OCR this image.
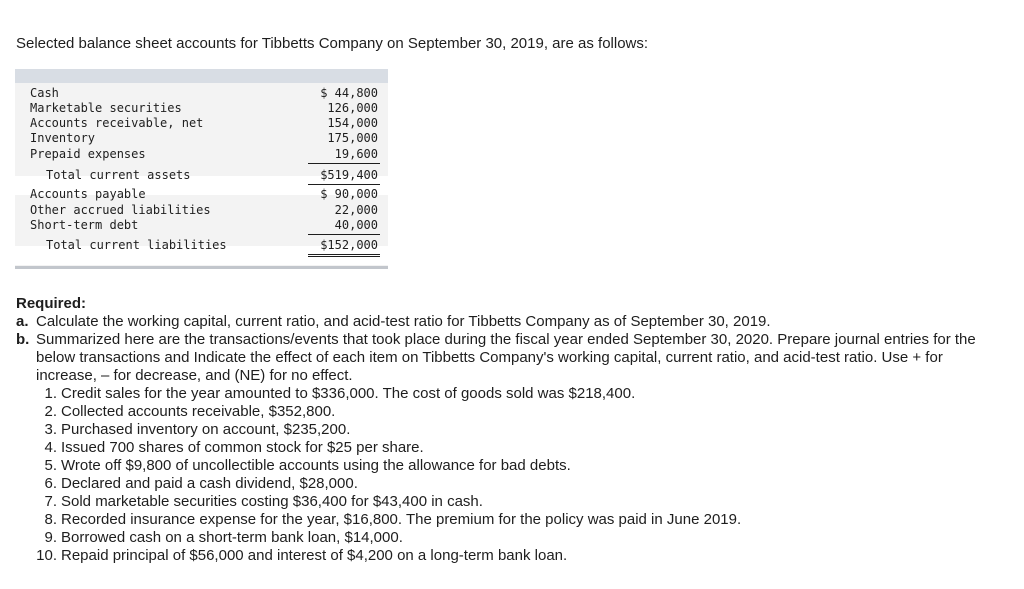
Selected balance sheet accounts for Tibbetts Company on September 30, 2019, are as follows:
Cash	$ 44,800
Marketable securities	126,000
Accounts receivable, net	154,000
Inventory	175,000
Prepaid expenses	19,600
Total current assets	$519,400
Accounts payable	$ 90,000
Other accrued liabilities	22,000
Short-term debt	40,000
Total current liabilities	$152,000
Required:
a. Calculate the working capital, current ratio, and acid-test ratio for Tibbetts Company as of September 30, 2019.
b. Summarized here are the transactions/events that took place during the fiscal year ended September 30, 2020. Prepare journal entries for the below transactions and Indicate the effect of each item on Tibbetts Company's working capital, current ratio, and acid-test ratio. Use + for increase, – for decrease, and (NE) for no effect.
1. Credit sales for the year amounted to $336,000. The cost of goods sold was $218,400.
2. Collected accounts receivable, $352,800.
3. Purchased inventory on account, $235,200.
4. Issued 700 shares of common stock for $25 per share.
5. Wrote off $9,800 of uncollectible accounts using the allowance for bad debts.
6. Declared and paid a cash dividend, $28,000.
7. Sold marketable securities costing $36,400 for $43,400 in cash.
8. Recorded insurance expense for the year, $16,800. The premium for the policy was paid in June 2019.
9. Borrowed cash on a short-term bank loan, $14,000.
10. Repaid principal of $56,000 and interest of $4,200 on a long-term bank loan.
